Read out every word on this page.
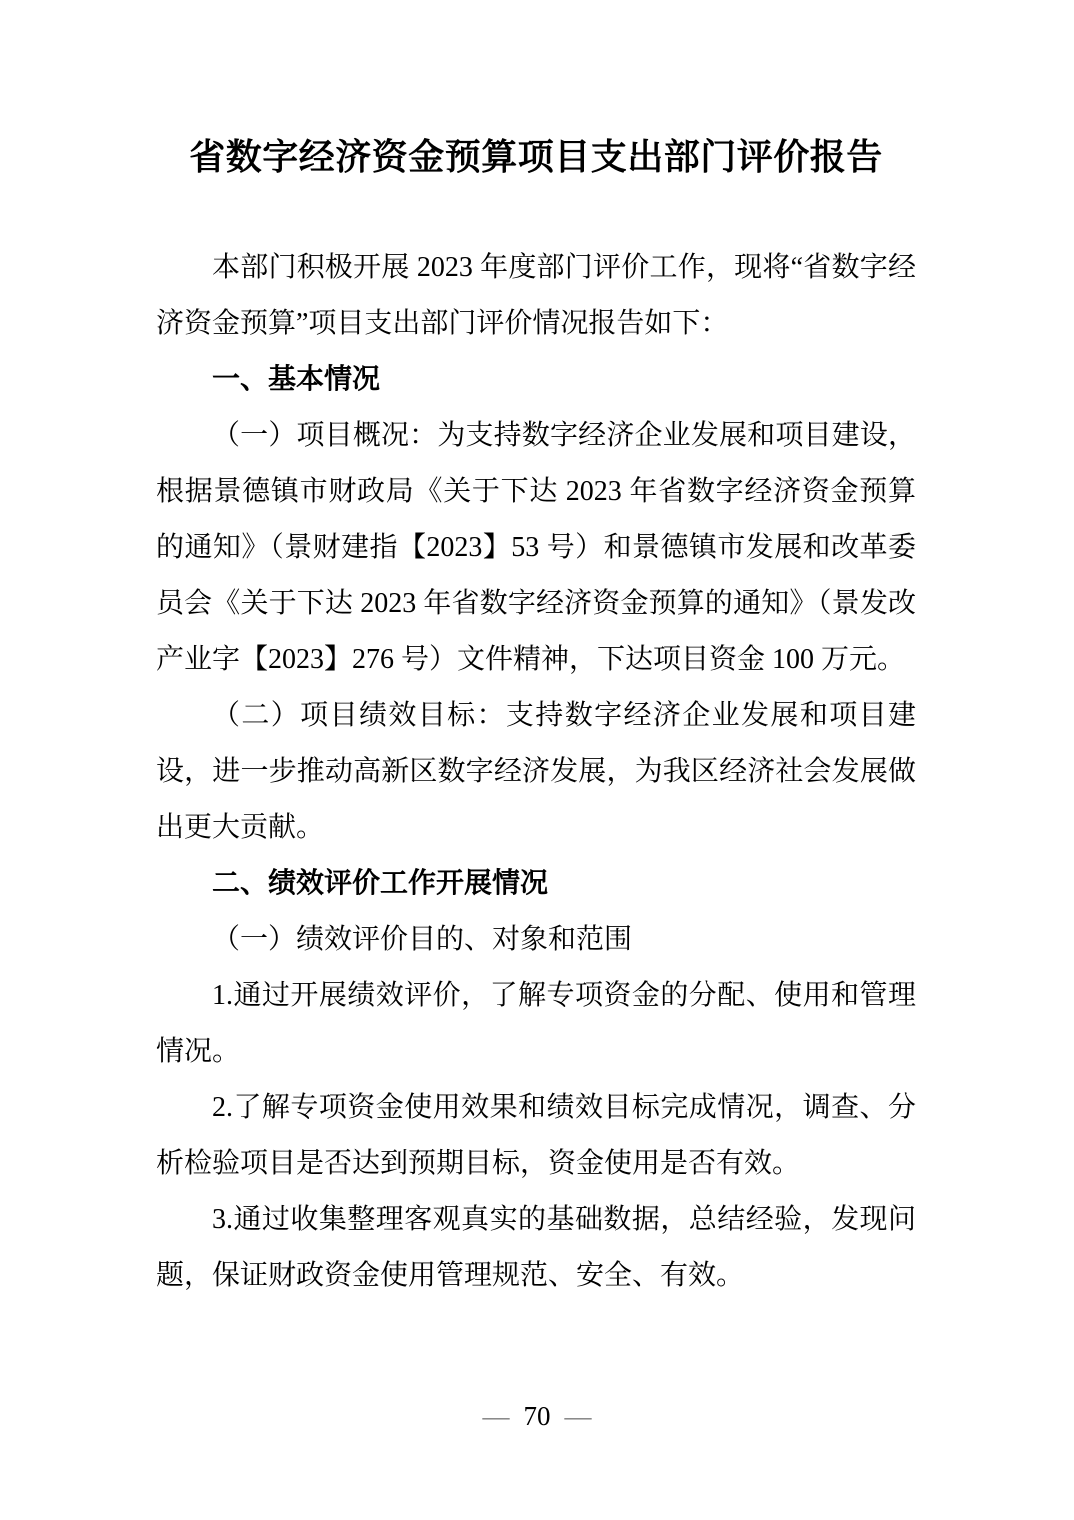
省数字经济资金预算项目支出部门评价报告

本部门积极开展 2023 年度部门评价工作，现将“省数字经济资金预算”项目支出部门评价情况报告如下：

一、基本情况

（一）项目概况：为支持数字经济企业发展和项目建设，根据景德镇市财政局《关于下达 2023 年省数字经济资金预算的通知》（景财建指【2023】53 号）和景德镇市发展和改革委员会《关于下达 2023 年省数字经济资金预算的通知》（景发改产业字【2023】276 号）文件精神，下达项目资金 100 万元。

（二）项目绩效目标：支持数字经济企业发展和项目建设，进一步推动高新区数字经济发展，为我区经济社会发展做出更大贡献。

二、绩效评价工作开展情况

（一）绩效评价目的、对象和范围

1.通过开展绩效评价，了解专项资金的分配、使用和管理情况。

2.了解专项资金使用效果和绩效目标完成情况，调查、分析检验项目是否达到预期目标，资金使用是否有效。

3.通过收集整理客观真实的基础数据，总结经验，发现问题，保证财政资金使用管理规范、安全、有效。

— 70 —
